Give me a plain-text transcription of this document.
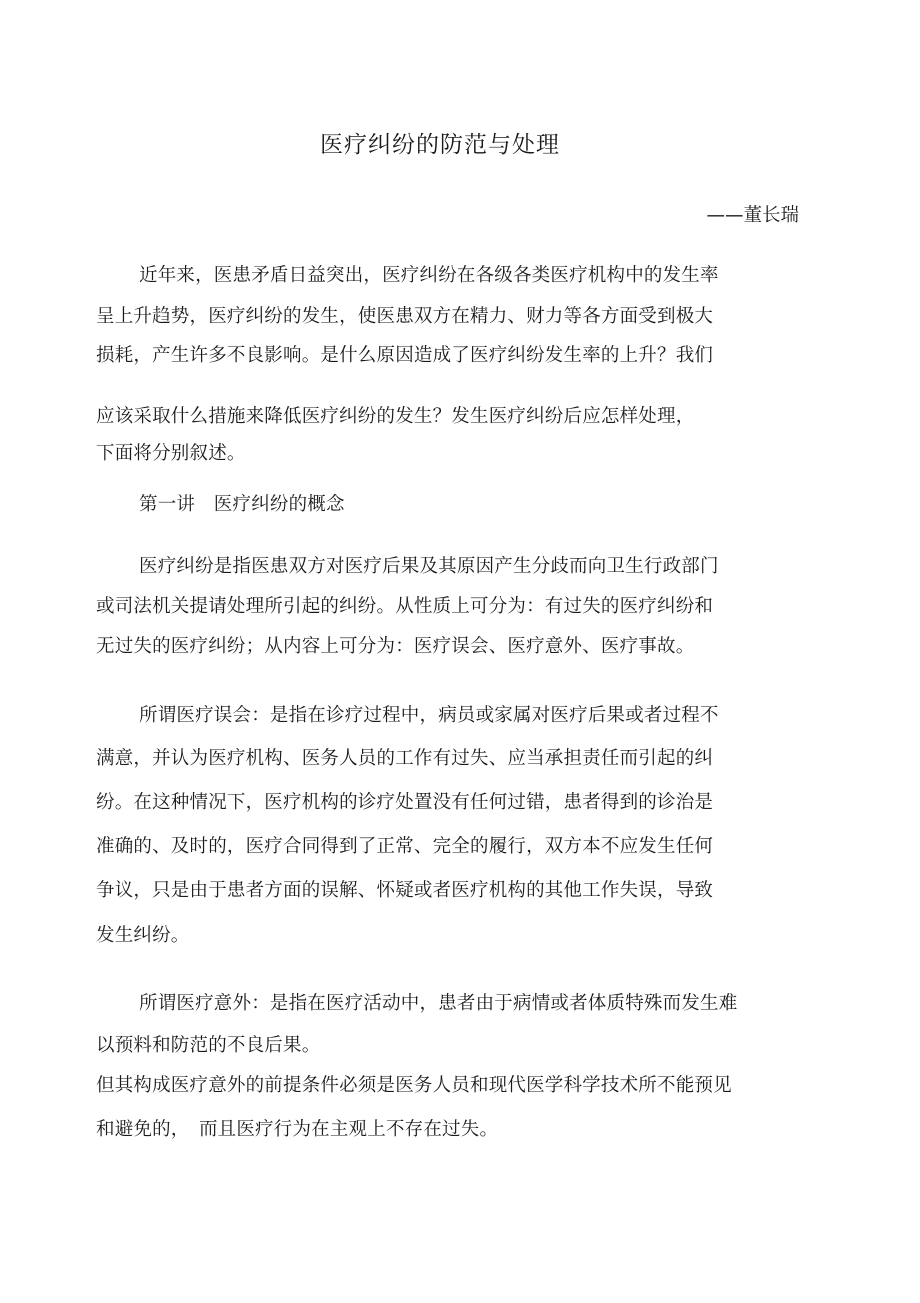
医疗纠纷的防范与处理
——董长瑞
近年来，医患矛盾日益突出，医疗纠纷在各级各类医疗机构中的发生率
呈上升趋势，医疗纠纷的发生，使医患双方在精力、财力等各方面受到极大
损耗，产生许多不良影响。是什么原因造成了医疗纠纷发生率的上升？我们
应该采取什么措施来降低医疗纠纷的发生？发生医疗纠纷后应怎样处理，
下面将分别叙述。
第一讲　医疗纠纷的概念
医疗纠纷是指医患双方对医疗后果及其原因产生分歧而向卫生行政部门
或司法机关提请处理所引起的纠纷。从性质上可分为：有过失的医疗纠纷和
无过失的医疗纠纷；从内容上可分为：医疗误会、医疗意外、医疗事故。
所谓医疗误会：是指在诊疗过程中，病员或家属对医疗后果或者过程不
满意，并认为医疗机构、医务人员的工作有过失、应当承担责任而引起的纠
纷。在这种情况下，医疗机构的诊疗处置没有任何过错，患者得到的诊治是
准确的、及时的，医疗合同得到了正常、完全的履行，双方本不应发生任何
争议，只是由于患者方面的误解、怀疑或者医疗机构的其他工作失误，导致
发生纠纷。
所谓医疗意外：是指在医疗活动中，患者由于病情或者体质特殊而发生难
以预料和防范的不良后果。
但其构成医疗意外的前提条件必须是医务人员和现代医学科学技术所不能预见
和避免的，　而且医疗行为在主观上不存在过失。
